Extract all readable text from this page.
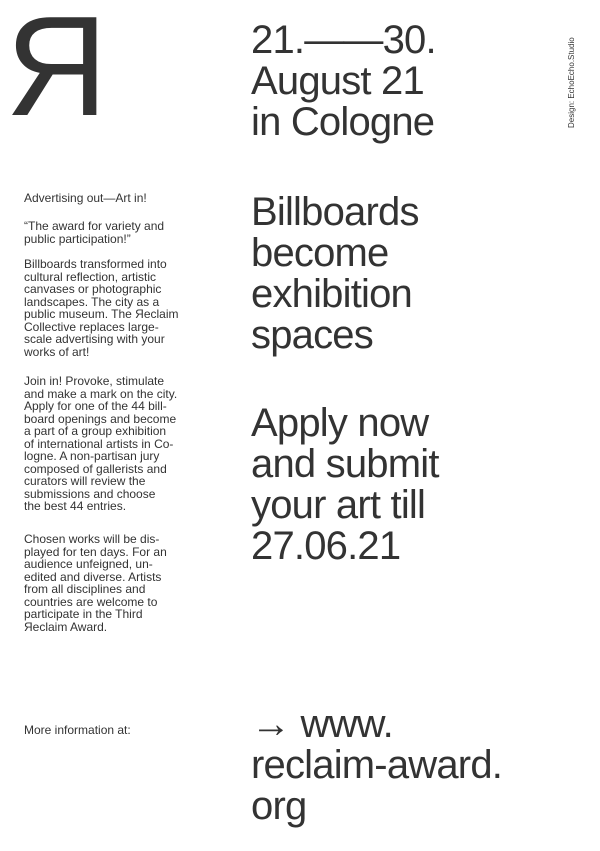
R	Design: EchoEcho.Studio
21.——30.
August 21
in Cologne
Billboards
become
exhibition
spaces
Apply now
and submit
your art till
27.06.21
→ www.
reclaim-award.
org
Advertising out—Art in!
“The award for variety and
public participation!”
Billboards transformed into
cultural reflection, artistic
canvases or photographic
landscapes. The city as a
public museum. The Яeclaim
Collective replaces large-
scale advertising with your
works of art!
Join in! Provoke, stimulate
and make a mark on the city.
Apply for one of the 44 bill-
board openings and become
a part of a group exhibition
of international artists in Co-
logne. A non-partisan jury
composed of gallerists and
curators will review the
submissions and choose
the best 44 entries.
Chosen works will be dis-
played for ten days. For an
audience unfeigned, un-
edited and diverse. Artists
from all disciplines and
countries are welcome to
participate in the Third
Яeclaim Award.
More information at:
